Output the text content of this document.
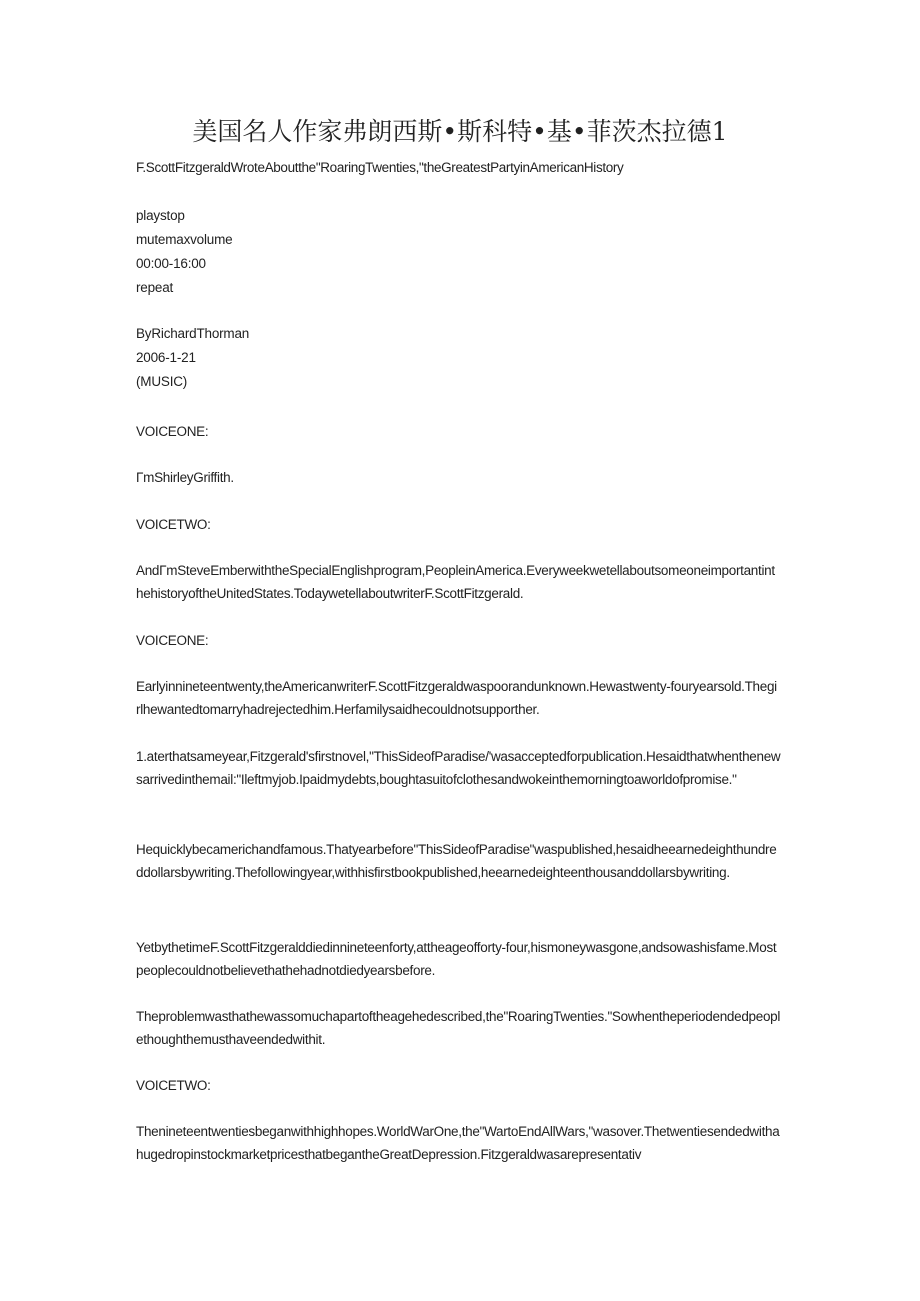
美国名人作家弗朗西斯•斯科特•基•菲茨杰拉德1
F.ScottFitzgeraldWroteAboutthe"RoaringTwenties,"theGreatestPartyinAmericanHistory
playstop
mutemaxvolume
00:00-16:00
repeat
ByRichardThorman
2006-1-21
(MUSIC)

VOICEONE:

ΓmShirleyGriffith.

VOICETWO:

AndΓmSteveEmberwiththeSpecialEnglishprogram,PeopleinAmerica.EveryweekwetellaboutsomeoneimportantinthehistoryoftheUnitedStates.TodaywetellaboutwriterF.ScottFitzgerald.

VOICEONE:

Earlyinnineteentwenty,theAmericanwriterF.ScottFitzgeraldwaspoorandunknown.Hewastwenty-fouryearsold.Thegirlhewantedtomarryhadrejectedhim.Herfamilysaidhecouldnotsupporther.

1.aterthatsameyear,Fitzgerald'sfirstnovel,"ThisSideofParadise/'wasacceptedforpublication.Hesaidthatwhenthenewsarrivedinthemail:"Ileftmyjob.Ipaidmydebts,boughtasuitofclothesandwokeinthemorningtoaworldofpromise."

Hequicklybecamerichandfamous.Thatyearbefore"ThisSideofParadise"waspublished,hesaidheearnedeighthundreddollarsbywriting.Thefollowingyear,withhisfirstbookpublished,heearnedeighteenthousanddollarsbywriting.

YetbythetimeF.ScottFitzgeralddiedinnineteenforty,attheageofforty-four,hismoneywasgone,andsowashisfame.Mostpeoplecouldnotbelievethathehadnotdiedyearsbefore.

Theproblemwasthathewassomuchapartoftheagehedescribed,the"RoaringTwenties."Sowhentheperiodendedpeoplethoughthemusthaveendedwithit.

VOICETWO:

Thenineteentwentiesbeganwithhighhopes.WorldWarOne,the"WartoEndAllWars,"wasover.ThetwentiesendedwithahugedropinstockmarketpricesthatbegantheGreatDepression.Fitzgeraldwasarepresentativ
